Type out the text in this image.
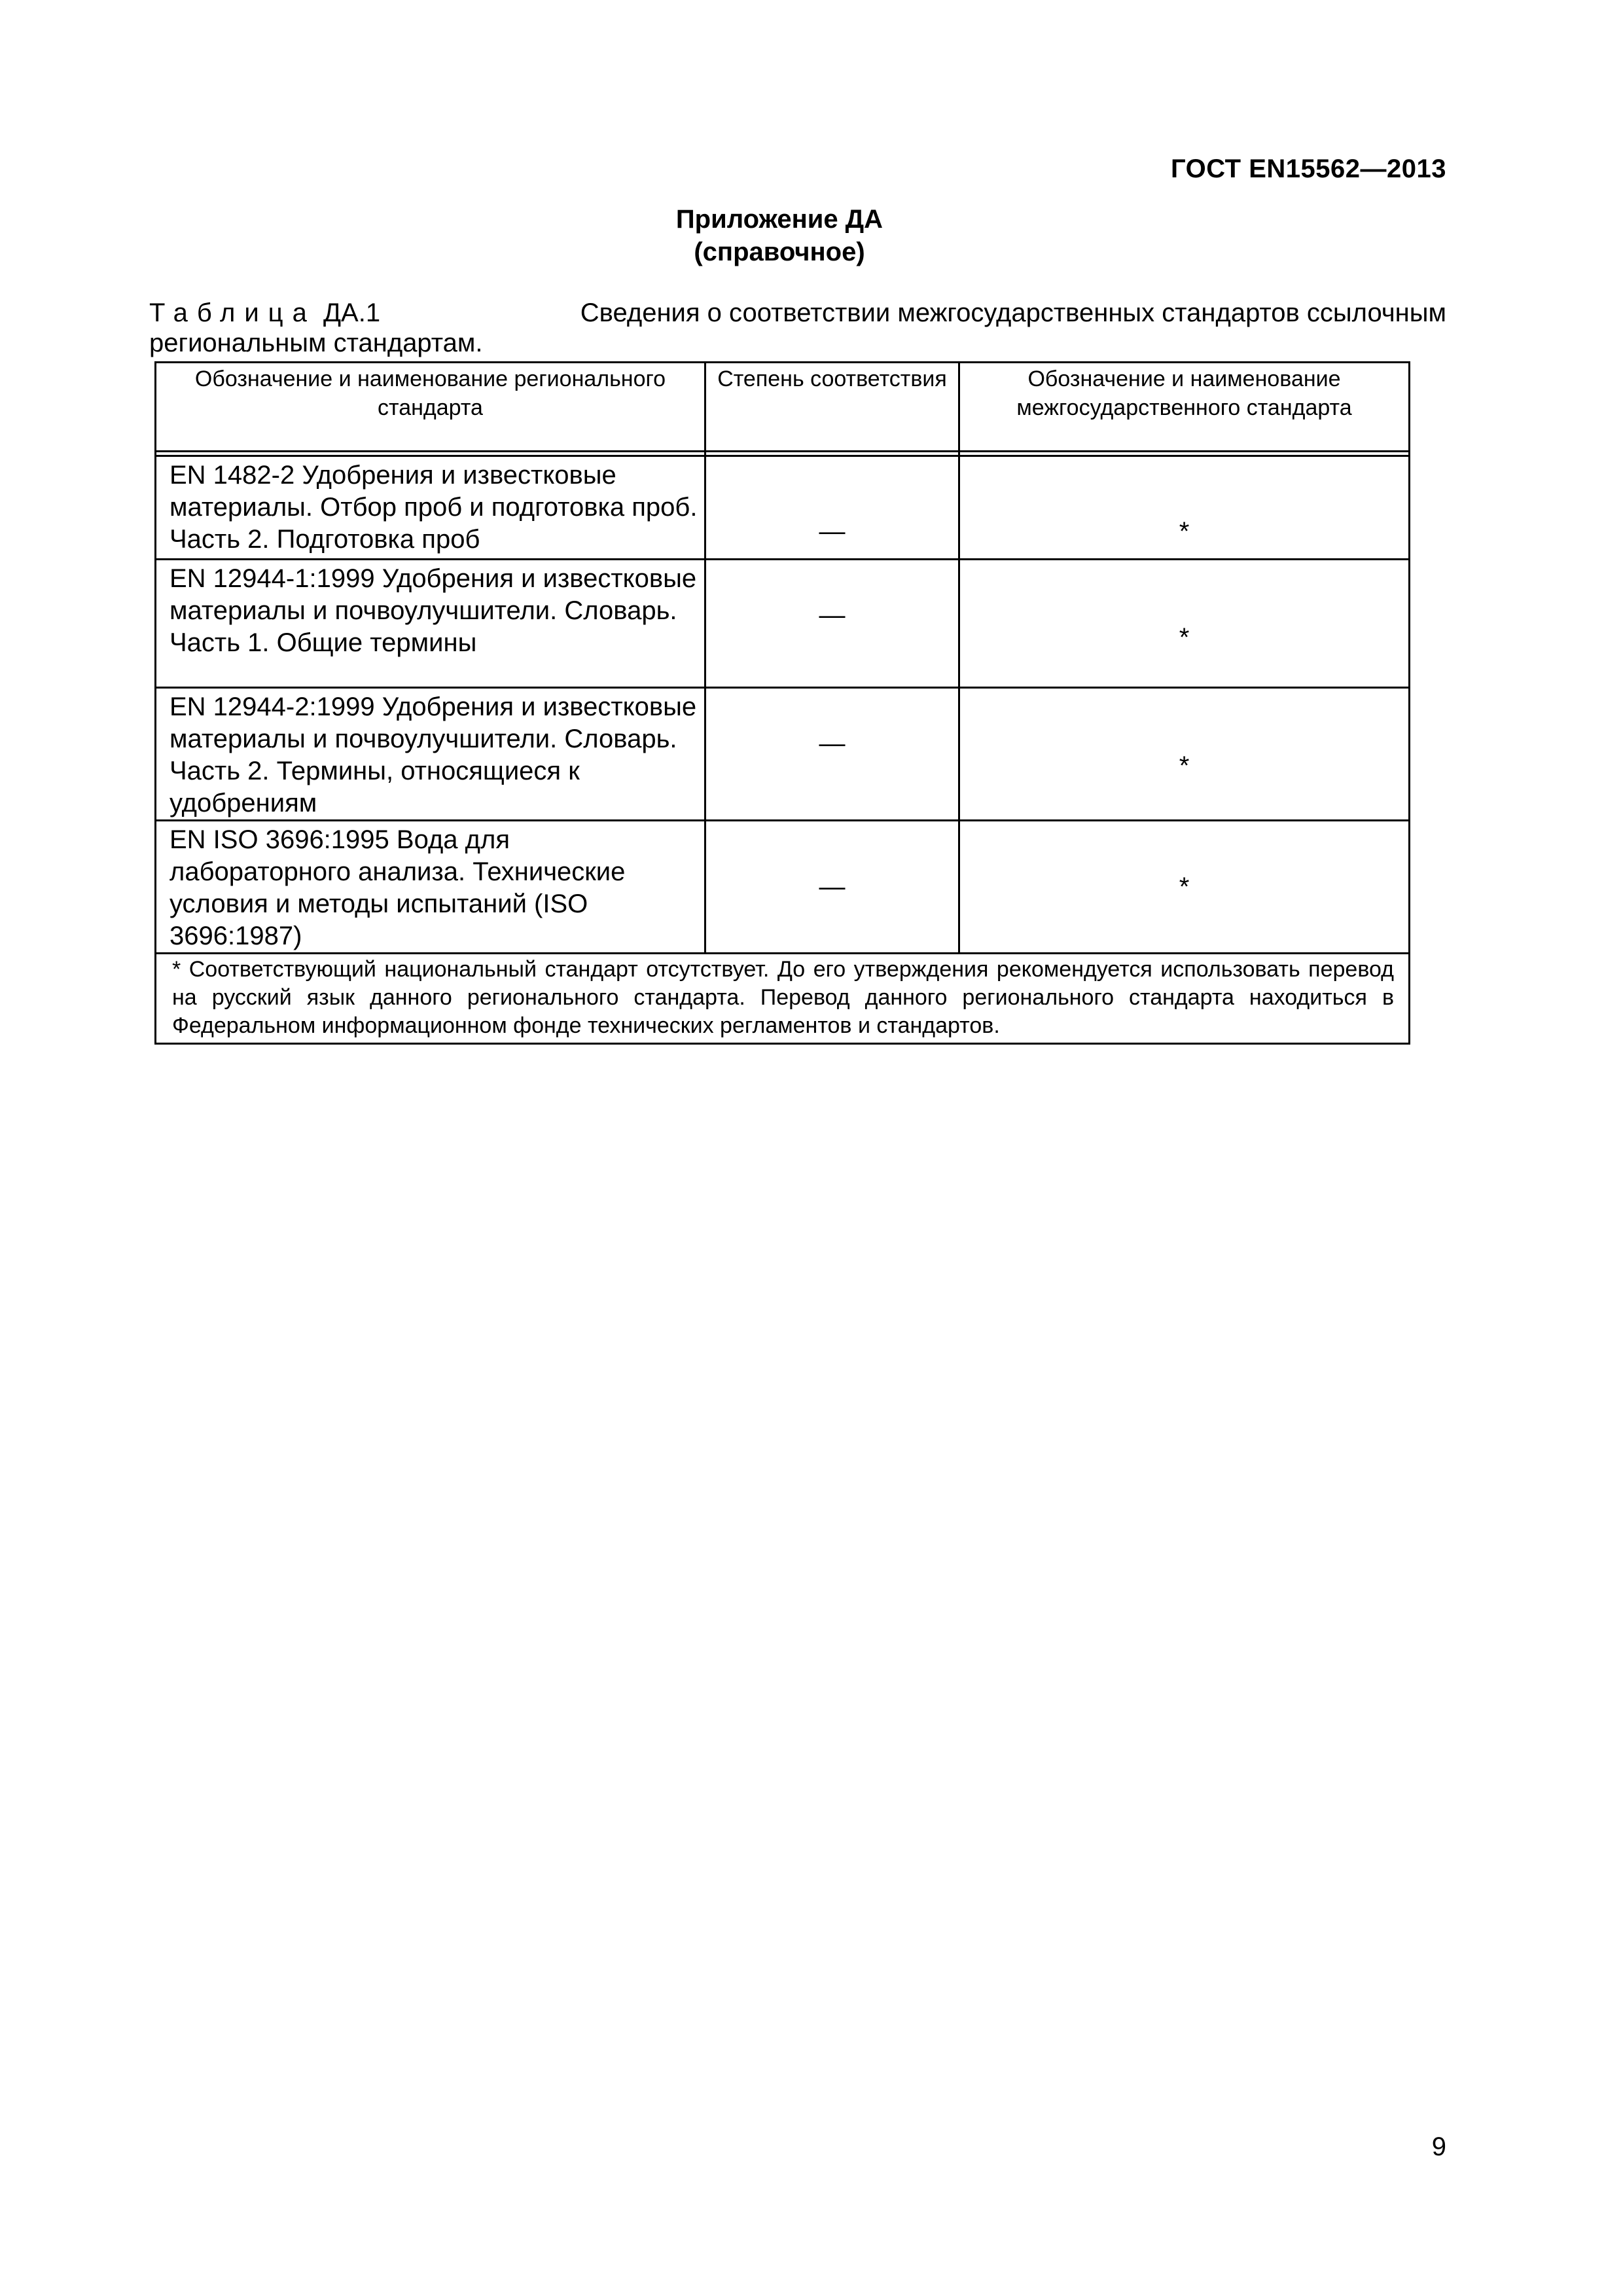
ГОСТ EN15562—2013
Приложение ДА
(справочное)
Таблица ДА.1	Сведения о соответствии межгосударственных стандартов ссылочным
региональным стандартам.
Обозначение и наименование регионального стандарта	Степень соответствия	Обозначение и наименование межгосударственного стандарта

EN 1482-2 Удобрения и известковые материалы. Отбор проб и подготовка проб. Часть 2. Подготовка проб	—	*

EN 12944-1:1999 Удобрения и известковые материалы и почвоулучшители. Словарь. Часть 1. Общие термины	—	*

EN 12944-2:1999 Удобрения и известковые материалы и почвоулучшители. Словарь. Часть 2. Термины, относящиеся к удобрениям	—	*

EN ISO 3696:1995 Вода для лабораторного анализа. Технические условия и методы испытаний (ISO 3696:1987)	—	*

* Соответствующий национальный стандарт отсутствует. До его утверждения рекомендуется использовать перевод на русский язык данного регионального стандарта. Перевод данного регионального стандарта находиться в Федеральном информационном фонде технических регламентов и стандартов.		
9
